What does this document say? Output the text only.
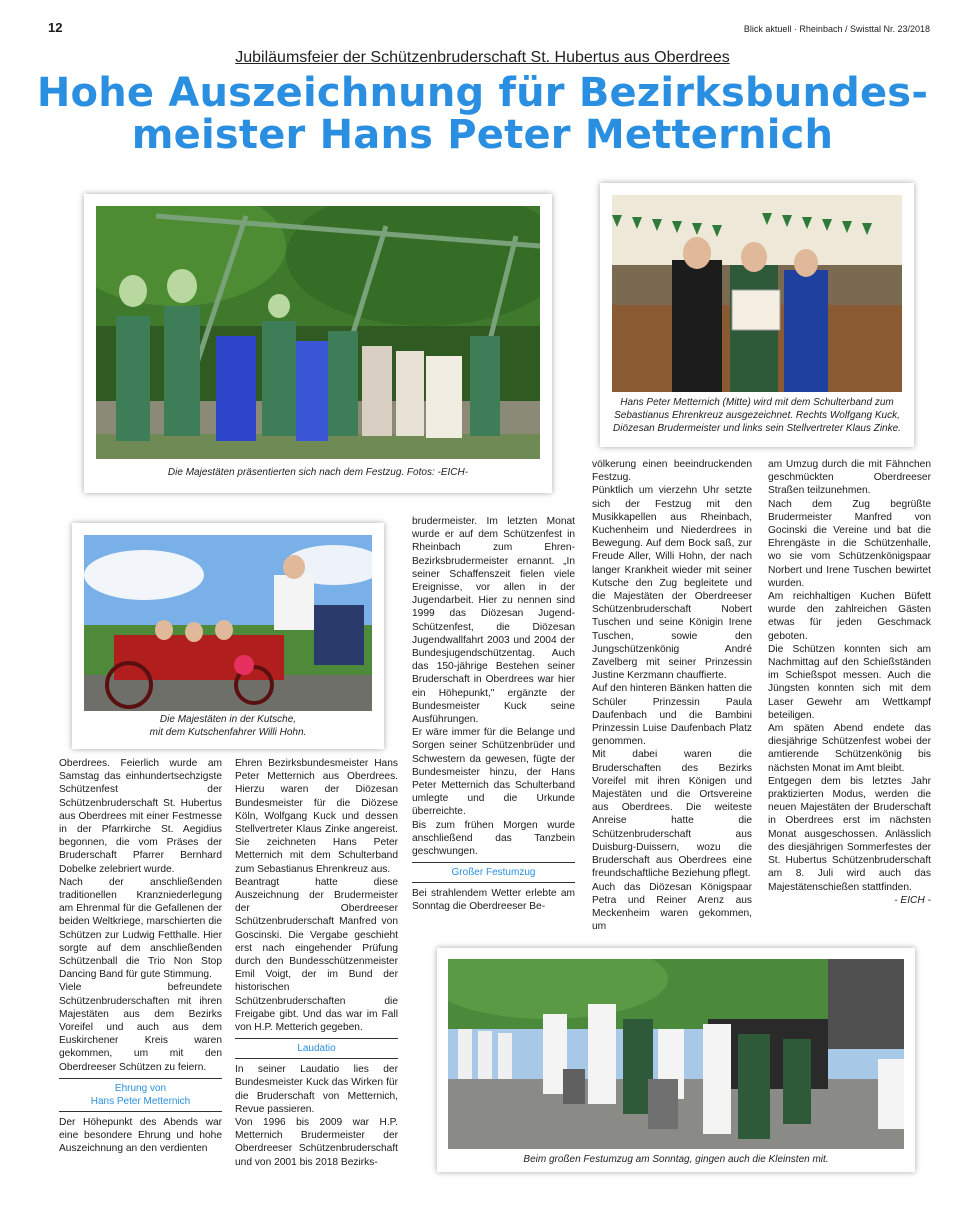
12	Blick aktuell · Rheinbach / Swisttal Nr. 23/2018
Jubiläumsfeier der Schützenbruderschaft St. Hubertus aus Oberdrees
Hohe Auszeichnung für Bezirksbundes-
meister Hans Peter Metternich
Die Majestäten präsentierten sich nach dem Festzug. Fotos: -EICH-
Hans Peter Metternich (Mitte) wird mit dem Schulterband zum
Sebastianus Ehrenkreuz ausgezeichnet. Rechts Wolfgang Kuck,
Diözesan Brudermeister und links sein Stellvertreter Klaus Zinke.
Die Majestäten in der Kutsche,
mit dem Kutschenfahrer Willi Hohn.
Beim großen Festumzug am Sonntag, gingen auch die Kleinsten mit.

Oberdrees. Feierlich wurde am Samstag das einhundertsechzigste Schützenfest der Schützenbruderschaft St. Hubertus aus Oberdrees mit einer Festmesse in der Pfarrkirche St. Aegidius begonnen, die vom Präses der Bruderschaft Pfarrer Bernhard Dobelke zelebriert wurde.

Nach der anschließenden traditionellen Kranzniederlegung am Ehrenmal für die Gefallenen der beiden Weltkriege, marschierten die Schützen zur Ludwig Fetthalle. Hier sorgte auf dem anschließenden Schützenball die Trio Non Stop Dancing Band für gute Stimmung.

Viele befreundete Schützenbruderschaften mit ihren Majestäten aus dem Bezirks Voreifel und auch aus dem Euskirchener Kreis waren gekommen, um mit den Oberdreeser Schützen zu feiern.

Ehrung von
Hans Peter Metternich

Der Höhepunkt des Abends war eine besondere Ehrung und hohe Auszeichnung an den verdienten

Ehren Bezirksbundesmeister Hans Peter Metternich aus Oberdrees. Hierzu waren der Diözesan Bundesmeister für die Diözese Köln, Wolfgang Kuck und dessen Stellvertreter Klaus Zinke angereist. Sie zeichneten Hans Peter Metternich mit dem Schulterband zum Sebastianus Ehrenkreuz aus.

Beantragt hatte diese Auszeichnung der Brudermeister der Oberdreeser Schützenbruderschaft Manfred von Goscinski. Die Vergabe geschieht erst nach eingehender Prüfung durch den Bundesschützenmeister Emil Voigt, der im Bund der historischen Schützenbruderschaften die Freigabe gibt. Und das war im Fall von H.P. Metterich gegeben.

Laudatio

In seiner Laudatio lies der Bundesmeister Kuck das Wirken für die Bruderschaft von Metternich, Revue passieren.

Von 1996 bis 2009 war H.P. Metternich Brudermeister der Oberdreeser Schützenbruderschaft und von 2001 bis 2018 Bezirks-

brudermeister. Im letzten Monat wurde er auf dem Schützenfest in Rheinbach zum Ehren-Bezirksbrudermeister ernannt. „In seiner Schaffenszeit fielen viele Ereignisse, vor allen in der Jugendarbeit. Hier zu nennen sind 1999 das Diözesan Jugend-Schützenfest, die Diözesan Jugendwallfahrt 2003 und 2004 der Bundesjugendschützentag. Auch das 150-jährige Bestehen seiner Bruderschaft in Oberdrees war hier ein Höhepunkt," ergänzte der Bundesmeister Kuck seine Ausführungen.

Er wäre immer für die Belange und Sorgen seiner Schützenbrüder und Schwestern da gewesen, fügte der Bundesmeister hinzu, der Hans Peter Metternich das Schulterband umlegte und die Urkunde überreichte.

Bis zum frühen Morgen wurde anschließend das Tanzbein geschwungen.

Großer Festumzug

Bei strahlendem Wetter erlebte am Sonntag die Oberdreeser Be-

völkerung einen beeindruckenden Festzug.

Pünktlich um vierzehn Uhr setzte sich der Festzug mit den Musikkapellen aus Rheinbach, Kuchenheim und Niederdrees in Bewegung. Auf dem Bock saß, zur Freude Aller, Willi Hohn, der nach langer Krankheit wieder mit seiner Kutsche den Zug begleitete und die Majestäten der Oberdreeser Schützenbruderschaft Nobert Tuschen und seine Königin Irene Tuschen, sowie den Jungschützenkönig André Zavelberg mit seiner Prinzessin Justine Kerzmann chauffierte.

Auf den hinteren Bänken hatten die Schüler Prinzessin Paula Daufenbach und die Bambini Prinzessin Luise Daufenbach Platz genommen.

Mit dabei waren die Bruderschaften des Bezirks Voreifel mit ihren Königen und Majestäten und die Ortsvereine aus Oberdrees. Die weiteste Anreise hatte die Schützenbruderschaft aus Duisburg-Duissern, wozu die Bruderschaft aus Oberdrees eine freundschaftliche Beziehung pflegt.

Auch das Diözesan Königspaar Petra und Reiner Arenz aus Meckenheim waren gekommen, um

am Umzug durch die mit Fähnchen geschmückten Oberdreeser Straßen teilzunehmen.

Nach dem Zug begrüßte Brudermeister Manfred von Gocinski die Vereine und bat die Ehrengäste in die Schützenhalle, wo sie vom Schützenkönigspaar Norbert und Irene Tuschen bewirtet wurden.

Am reichhaltigen Kuchen Büfett wurde den zahlreichen Gästen etwas für jeden Geschmack geboten.

Die Schützen konnten sich am Nachmittag auf den Schießständen im Schießspot messen. Auch die Jüngsten konnten sich mit dem Laser Gewehr am Wettkampf beteiligen.

Am späten Abend endete das diesjährige Schützenfest wobei der amtierende Schützenkönig bis nächsten Monat im Amt bleibt.

Entgegen dem bis letztes Jahr praktizierten Modus, werden die neuen Majestäten der Bruderschaft in Oberdrees erst im nächsten Monat ausgeschossen. Anlässlich des diesjährigen Sommerfestes der St. Hubertus Schützenbruderschaft am 8. Juli wird auch das Majestätenschießen stattfinden.

- EICH -
